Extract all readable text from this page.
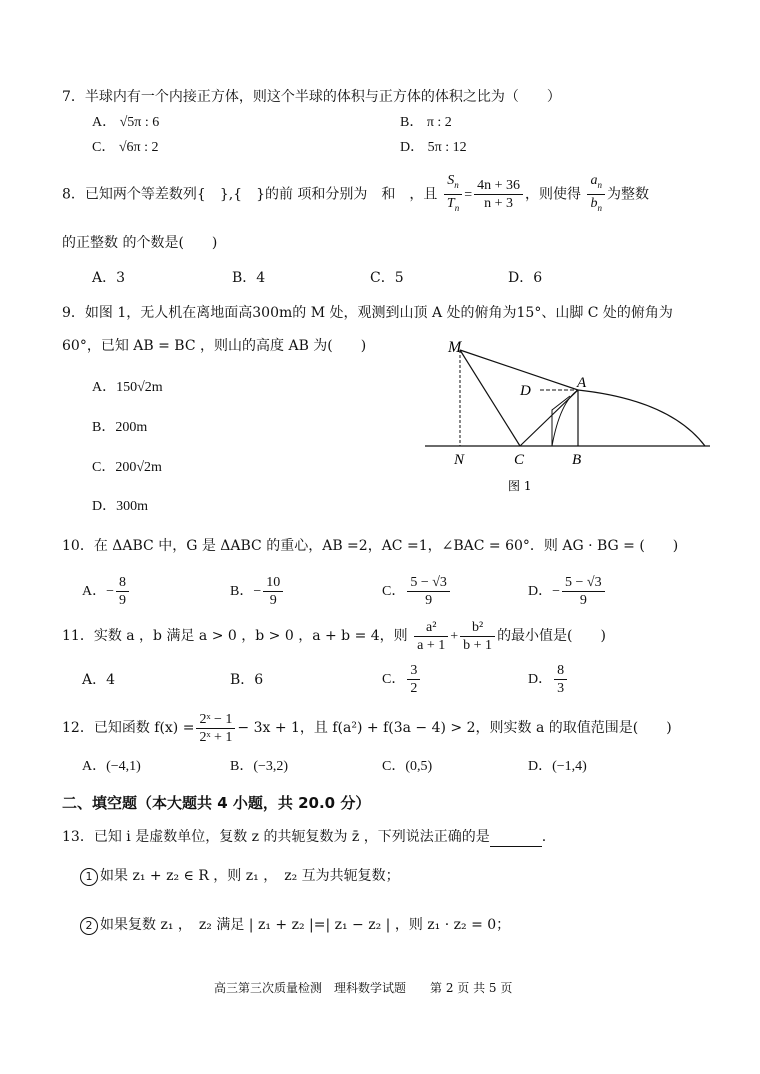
7．半球内有一个内接正方体，则这个半球的体积与正方体的体积之比为（　　）
A． √5π : 6	B． π : 2
C． √6π : 2	D． 5π : 12
8．已知两个等差数列{　},{　}的前 项和分别为　和　，且 $\frac{S_n}{T_n} = \frac{4n + 36}{n + 3}$ ，则使得 $\frac{a_n}{b_n}$ 为整数
的正整数 的个数是(　　)
A．3	B．4	C．5	D．6
9．如图 1，无人机在离地面高300m的 M 处，观测到山顶 A 处的俯角为15°、山脚 C 处的俯角为
60°，已知 AB = BC ，则山的高度 AB 为(　　)
A．150√2m
B．200m
C．200√2m
D．300m
M
D	A
N	C	B
图 1
10．在 ΔABC 中，G 是 ΔABC 的重心，AB =2，AC =1，∠BAC = 60°．则 AG · BG = (　　)
A．− $\frac{8}{9}$	B．− $\frac{10}{9}$	C． $\frac{5 - √3}{9}$	D．− $\frac{5 - √3}{9}$
11．实数 a ，b 满足 a > 0 ，b > 0 ，a + b = 4，则 $\frac{\text{a²}}{a + 1} + \frac{\text{b²}}{b + 1}$ 的最小值是(　　)
A．4	B．6	C． $\frac{3}{2}$	D． $\frac{8}{3}$
12．已知函数 $f(x) = \frac{\text{2ˣ − 1}}{\text{2ˣ + 1}} - 3x + 1$，且 f(a²) + f(3a − 4) > 2，则实数 a 的取值范围是(　　)
A．(−4,1)	B．(−3,2)	C．(0,5)	D．(−1,4)
二、填空题（本大题共 4 小题，共 20.0 分）
13．已知 i 是虚数单位，复数 z 的共轭复数为 z̄ ，下列说法正确的是	.
1 如果 z₁ + z₂ ∈ R ，则 z₁ ，　z₂ 互为共轭复数；
2 如果复数 z₁ ，　z₂ 满足 | z₁ + z₂ |=| z₁ − z₂ | ，则 z₁ · z₂ = 0；
高三第三次质量检测　理科数学试题　　第 2 页 共 5 页
